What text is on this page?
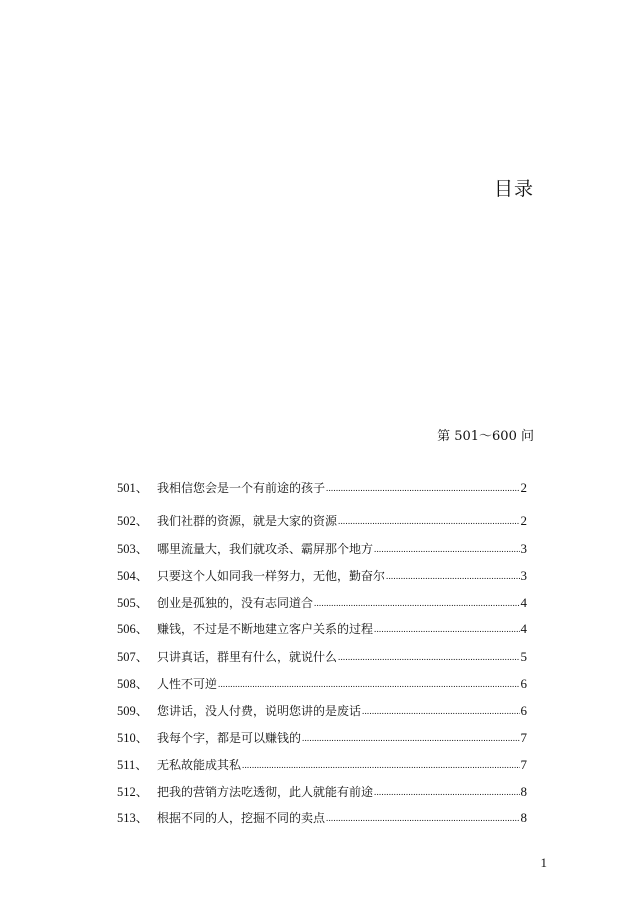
目录
第 501～600 问
501、 我相信您会是一个有前途的孩子 .....	2
502、 我们社群的资源，就是大家的资源 .....	2
503、 哪里流量大，我们就攻杀、霸屏那个地方 .....	3
504、 只要这个人如同我一样努力，无他，勤奋尔 .....	3
505、 创业是孤独的，没有志同道合 .....	4
506、 赚钱，不过是不断地建立客户关系的过程 .....	4
507、 只讲真话，群里有什么，就说什么 .....	5
508、 人性不可逆 .....	6
509、 您讲话，没人付费，说明您讲的是废话 .....	6
510、 我每个字，都是可以赚钱的 .....	7
511、 无私故能成其私 .....	7
512、 把我的营销方法吃透彻，此人就能有前途 .....	8
513、 根据不同的人，挖掘不同的卖点 .....	8
1
